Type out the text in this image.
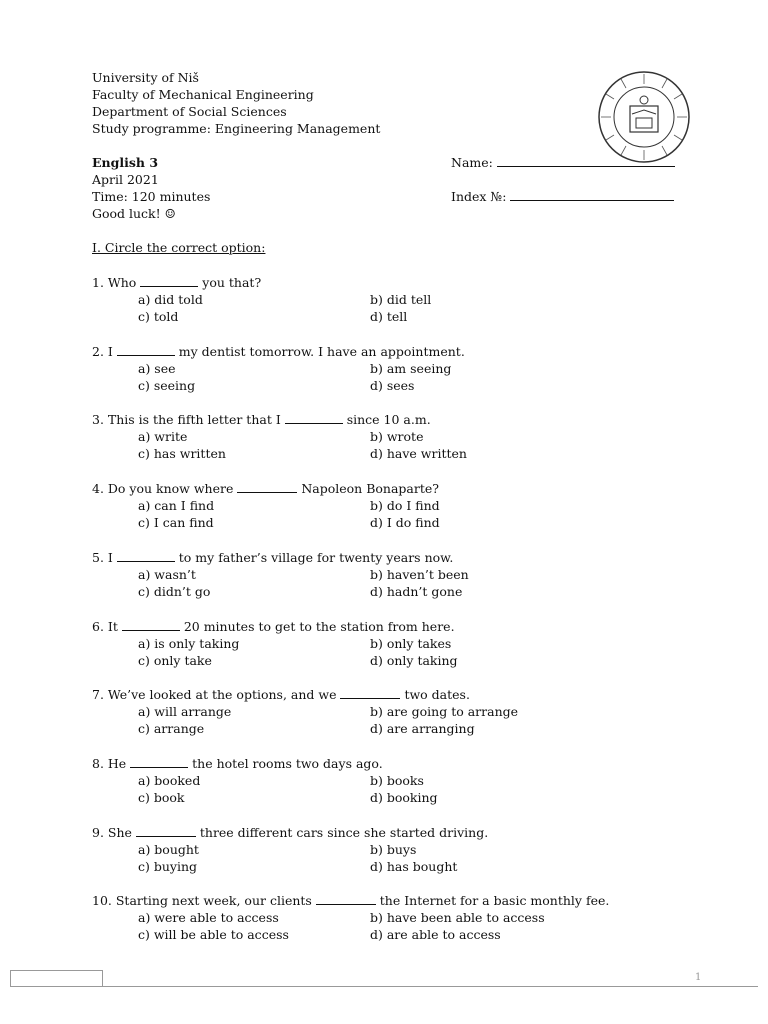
University of Niš
Faculty of Mechanical Engineering
Department of Social Sciences
Study programme: Engineering Management
English 3
April 2021
Time: 120 minutes
Good luck! ☺
Name:
Index №:
I. Circle the correct option:
1. Who	you that?
a) did told	b) did tell
c) told	d) tell
2. I	my dentist tomorrow. I have an appointment.
a) see	b) am seeing
c) seeing	d) sees
3. This is the fifth letter that I	since 10 a.m.
a) write	b) wrote
c) has written	d) have written
4. Do you know where	Napoleon Bonaparte?
a) can I find	b) do I find
c) I can find	d) I do find
5. I	to my father’s village for twenty years now.
a) wasn’t	b) haven’t been
c) didn’t go	d) hadn’t gone
6. It	20 minutes to get to the station from here.
a) is only taking	b) only takes
c) only take	d) only taking
7. We’ve looked at the options, and we	two dates.
a) will arrange	b) are going to arrange
c) arrange	d) are arranging
8. He	the hotel rooms two days ago.
a) booked	b) books
c) book	d) booking
9. She	three different cars since she started driving.
a) bought	b) buys
c) buying	d) has bought
10. Starting next week, our clients	the Internet for a basic monthly fee.
a) were able to access	b) have been able to access
c) will be able to access	d) are able to access
1
